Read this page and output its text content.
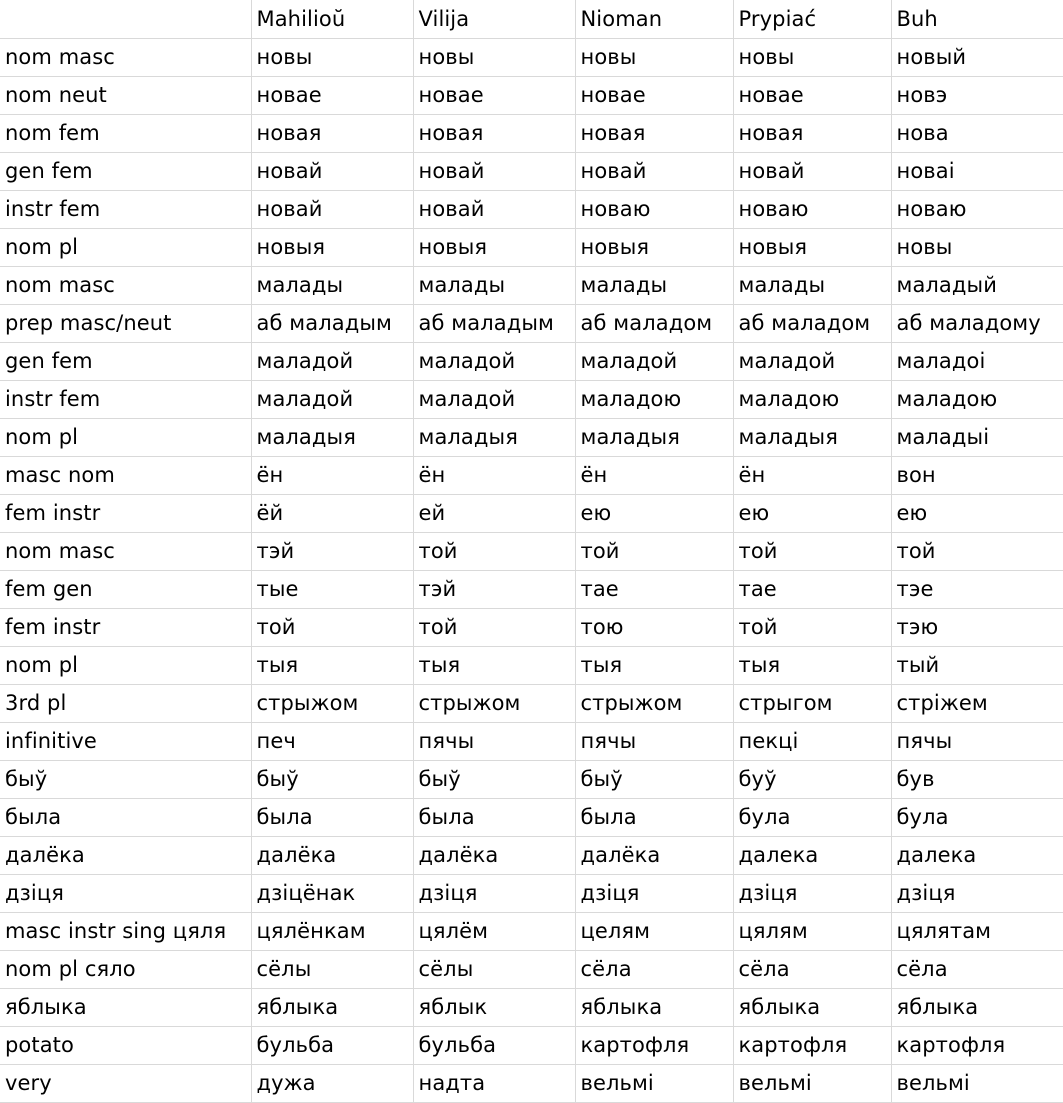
	Mahilioŭ	Vilija	Nioman	Prypiać	Buh
nom masc	новы	новы	новы	новы	новый
nom neut	новае	новае	новае	новае	новэ
nom fem	новая	новая	новая	новая	нова
gen fem	новай	новай	новай	новай	новаі
instr fem	новай	новай	новаю	новаю	новаю
nom pl	новыя	новыя	новыя	новыя	новы
nom masc	малады	малады	малады	малады	маладый
prep masc/neut	аб маладым	аб маладым	аб маладом	аб маладом	аб маладому
gen fem	маладой	маладой	маладой	маладой	маладоі
instr fem	маладой	маладой	маладою	маладою	маладою
nom pl	маладыя	маладыя	маладыя	маладыя	маладыі
masc nom	ён	ён	ён	ён	вон
fem instr	ёй	ей	ею	ею	ею
nom masc	тэй	той	той	той	той
fem gen	тые	тэй	тае	тае	тэе
fem instr	той	той	тою	той	тэю
nom pl	тыя	тыя	тыя	тыя	тый
3rd pl	стрыжом	стрыжом	стрыжом	стрыгом	стріжем
infinitive	печ	пячы	пячы	пекці	пячы
быў	быў	быў	быў	буў	був
была	была	была	была	була	була
далёка	далёка	далёка	далёка	далека	далека
дзіця	дзіцёнак	дзіця	дзіця	дзіця	дзіця
masc instr sing цяля	цялёнкам	цялём	целям	цялям	цялятам
nom pl сяло	сёлы	сёлы	сёла	сёла	сёла
яблыка	яблыка	яблык	яблыка	яблыка	яблыка
potato	бульба	бульба	картофля	картофля	картофля
very	дужа	надта	вельмі	вельмі	вельмі
